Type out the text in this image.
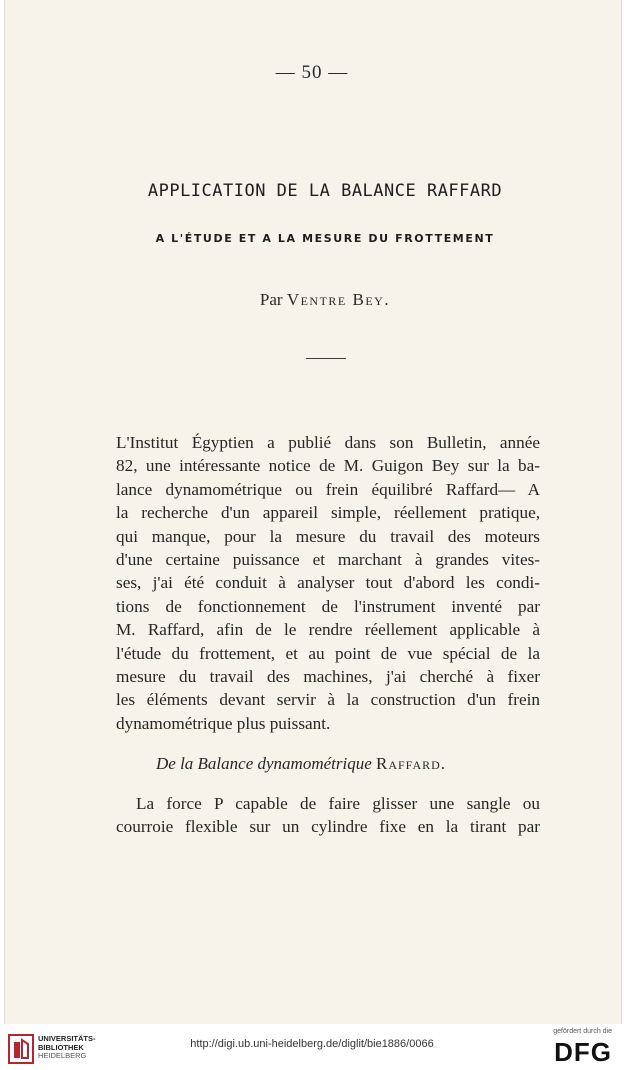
— 50 —
APPLICATION DE LA BALANCE RAFFARD
A L'ÉTUDE ET A LA MESURE DU FROTTEMENT
Par Ventre Bey.
L'Institut Égyptien a publié dans son Bulletin, année
82, une intéressante notice de M. Guigon Bey sur la ba-
lance dynamométrique ou frein équilibré Raffard— A
la recherche d'un appareil simple, réellement pratique,
qui manque, pour la mesure du travail des moteurs
d'une certaine puissance et marchant à grandes vites-
ses, j'ai été conduit à analyser tout d'abord les condi-
tions de fonctionnement de l'instrument inventé par
M. Raffard, afin de le rendre réellement applicable à
l'étude du frottement, et au point de vue spécial de la
mesure du travail des machines, j'ai cherché à fixer
les éléments devant servir à la construction d'un frein
dynamométrique plus puissant.
De la Balance dynamométrique Raffard.
La force P capable de faire glisser une sangle ou
courroie flexible sur un cylindre fixe en la tirant par
UNIVERSITÄTS-
BIBLIOTHEK
HEIDELBERG
http://digi.ub.uni-heidelberg.de/diglit/bie1886/0066
gefördert durch die
DFG
